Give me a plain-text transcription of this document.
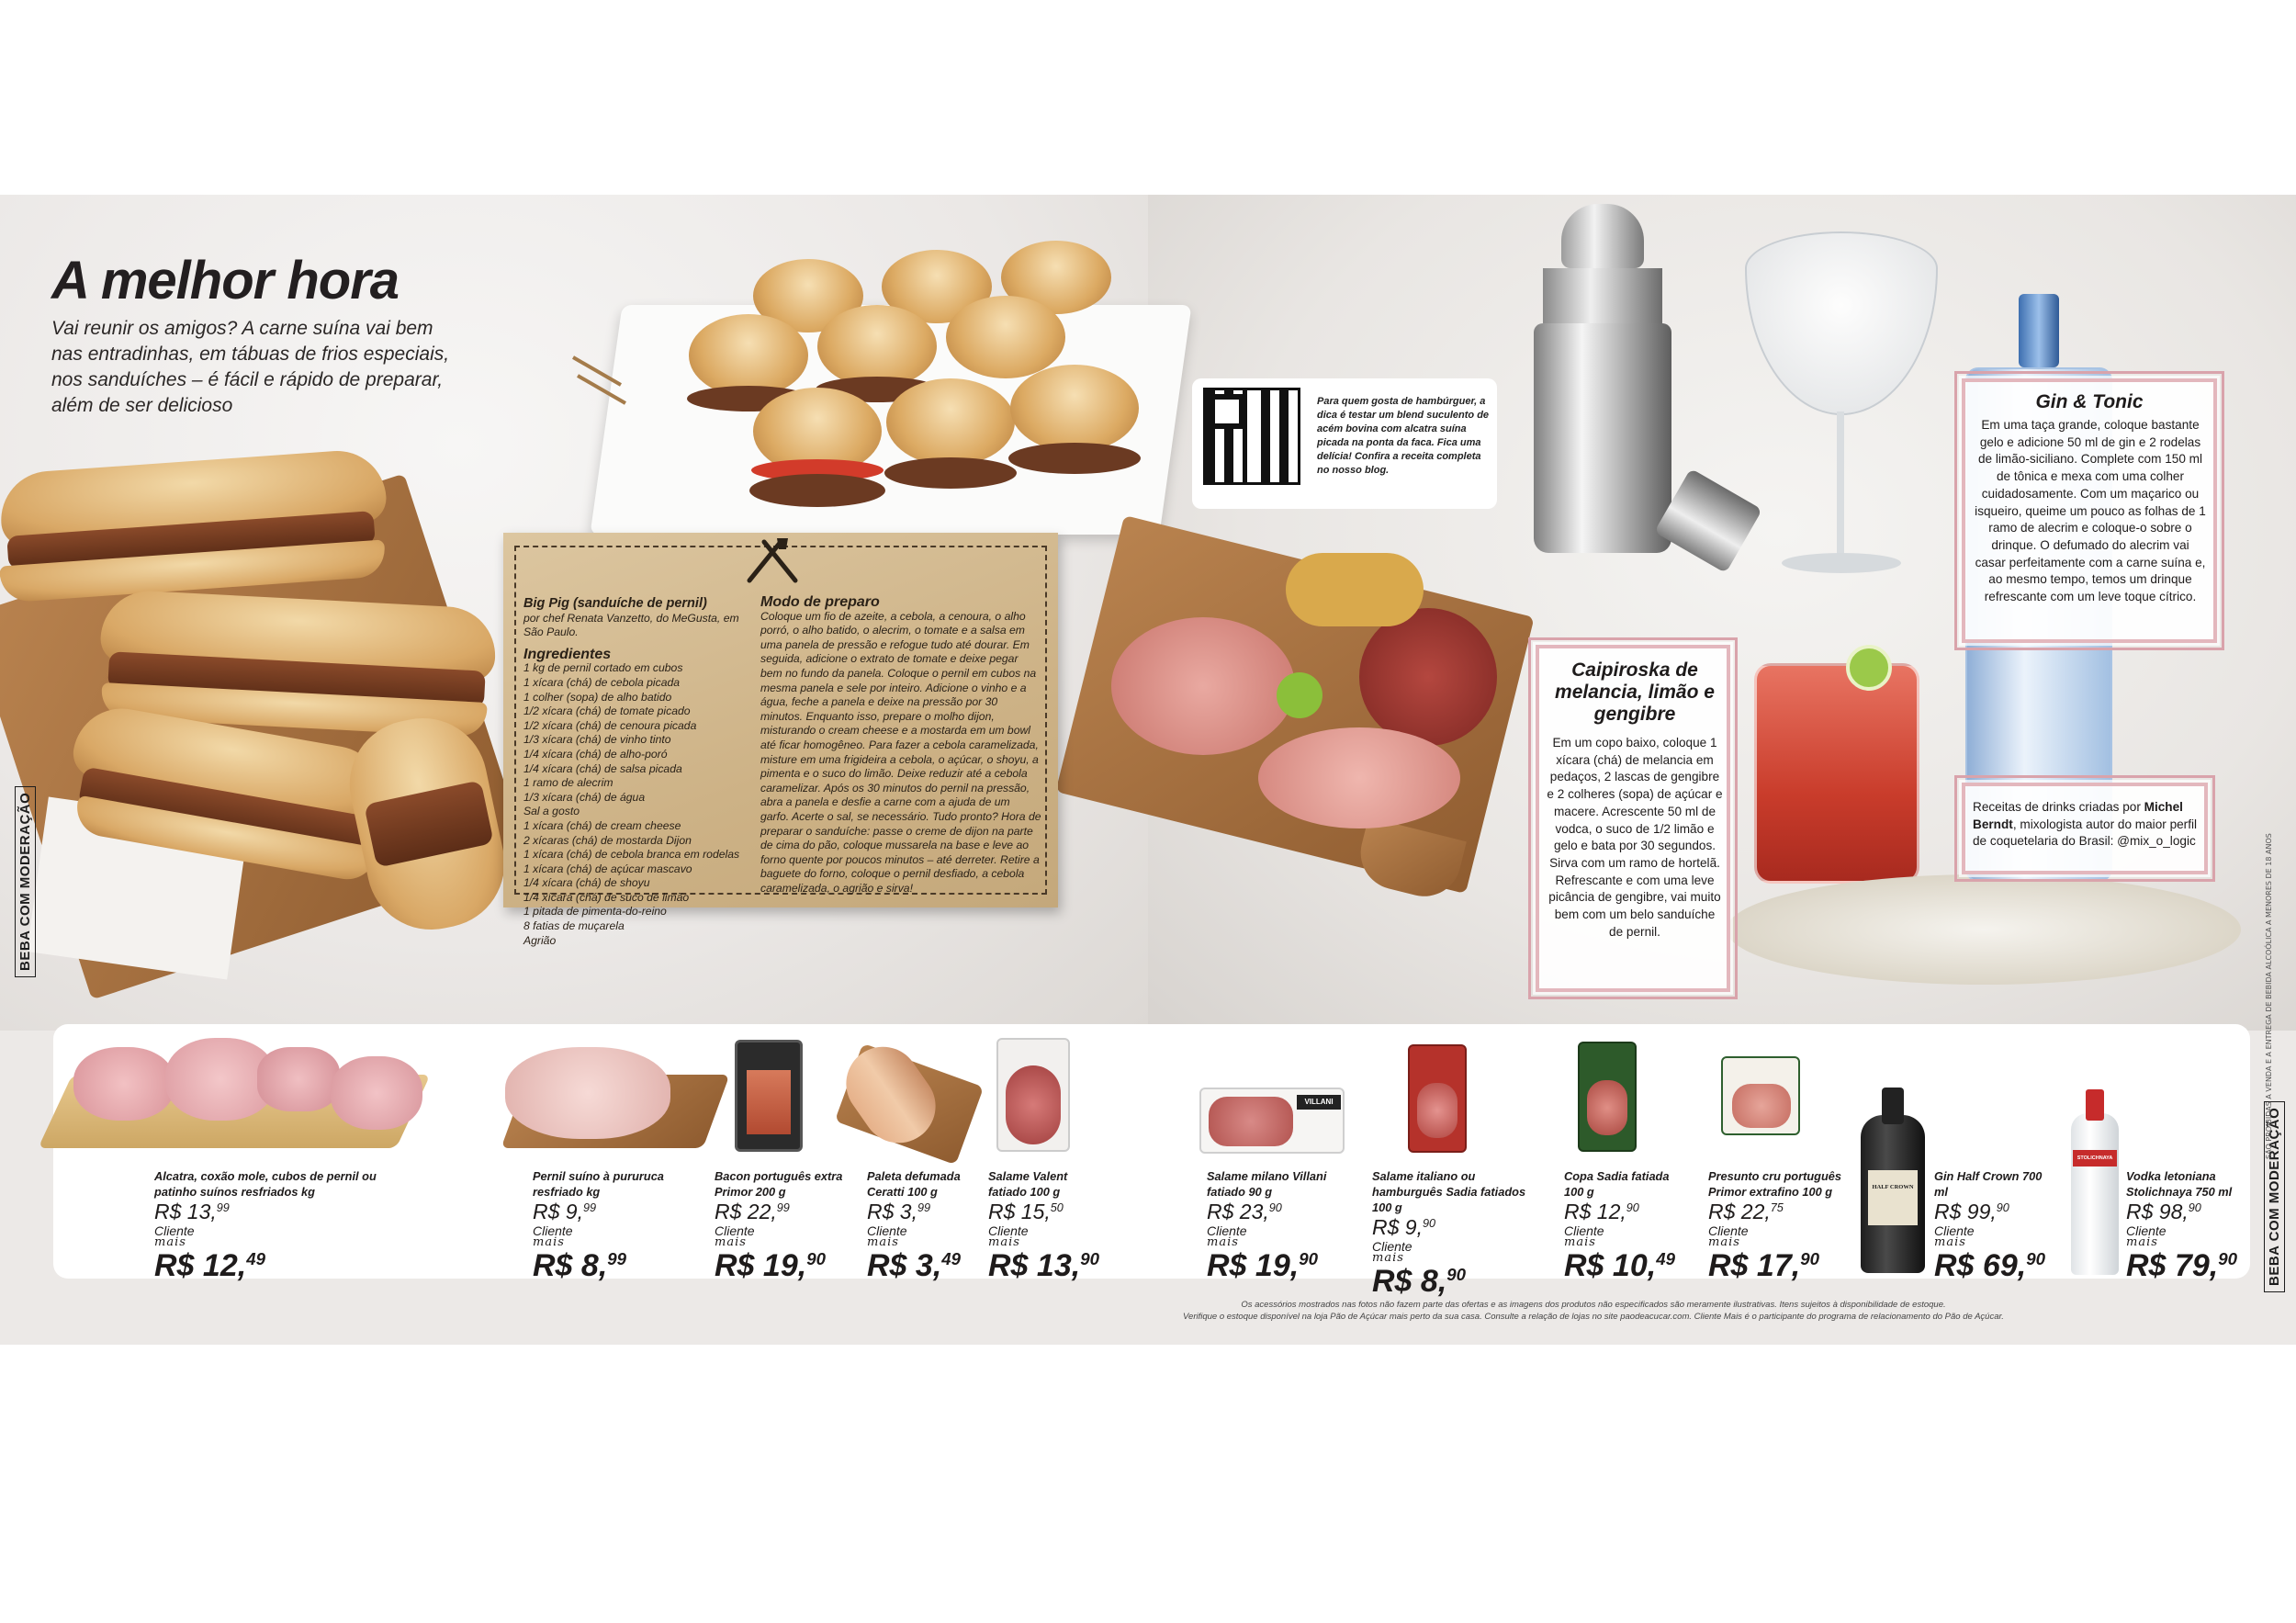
A melhor hora
Vai reunir os amigos? A carne suína vai bem nas entradinhas, em tábuas de frios especiais, nos sanduíches – é fácil e rápido de preparar, além de ser delicioso	Para quem gosta de hambúrguer, a dica é testar um blend suculento de acém bovina com alcatra suína picada na ponta da faca. Fica uma delícia! Confira a receita completa no nosso blog.
Big Pig (sanduíche de pernil)
por chef Renata Vanzetto, do MeGusta, em São Paulo.
Ingredientes
1 kg de pernil cortado em cubos
1 xícara (chá) de cebola picada
1 colher (sopa) de alho batido
1/2 xícara (chá) de tomate picado
1/2 xícara (chá) de cenoura picada
1/3 xícara (chá) de vinho tinto
1/4 xícara (chá) de alho-poró
1/4 xícara (chá) de salsa picada
1 ramo de alecrim
1/3 xícara (chá) de água
Sal a gosto
1 xícara (chá) de cream cheese
2 xícaras (chá) de mostarda Dijon
1 xícara (chá) de cebola branca em rodelas
1 xícara (chá) de açúcar mascavo
1/4 xícara (chá) de shoyu
1/4 xícara (chá) de suco de limão
1 pitada de pimenta-do-reino
8 fatias de muçarela
Agrião
Modo de preparo
Coloque um fio de azeite, a cebola, a cenoura, o alho porró, o alho batido, o alecrim, o tomate e a salsa em uma panela de pressão e refogue tudo até dourar. Em seguida, adicione o extrato de tomate e deixe pegar bem no fundo da panela. Coloque o pernil em cubos na mesma panela e sele por inteiro. Adicione o vinho e a água, feche a panela e deixe na pressão por 30 minutos. Enquanto isso, prepare o molho dijon, misturando o cream cheese e a mostarda em um bowl até ficar homogêneo. Para fazer a cebola caramelizada, misture em uma frigideira a cebola, o açúcar, o shoyu, a pimenta e o suco do limão. Deixe reduzir até a cebola caramelizar. Após os 30 minutos do pernil na pressão, abra a panela e desfie a carne com a ajuda de um garfo. Acerte o sal, se necessário. Tudo pronto? Hora de preparar o sanduíche: passe o creme de dijon na parte de cima do pão, coloque mussarela na base e leve ao forno quente por poucos minutos – até derreter. Retire a baguete do forno, coloque o pernil desfiado, a cebola caramelizada, o agrião e sirva!
Caipiroska de melancia, limão e gengibre
Em um copo baixo, coloque 1 xícara (chá) de melancia em pedaços, 2 lascas de gengibre e 2 colheres (sopa) de açúcar e macere. Acrescente 50 ml de vodca, o suco de 1/2 limão e gelo e bata por 30 segundos. Sirva com um ramo de hortelã. Refrescante e com uma leve picância de gengibre, vai muito bem com um belo sanduíche de pernil.
Gin & Tonic
Em uma taça grande, coloque bastante gelo e adicione 50 ml de gin e 2 rodelas de limão-siciliano. Complete com 150 ml de tônica e mexa com uma colher cuidadosamente. Com um maçarico ou isqueiro, queime um pouco as folhas de 1 ramo de alecrim e coloque-o sobre o drinque. O defumado do alecrim vai casar perfeitamente com a carne suína e, ao mesmo tempo, temos um drinque refrescante com um leve toque cítrico.
Receitas de drinks criadas por Michel Berndt, mixologista autor do maior perfil de coquetelaria do Brasil: @mix_o_logic
BEBA COM MODERAÇÃO
BEBA COM MODERAÇÃO
SÃO PROIBIDAS A VENDA E A ENTREGA DE BEBIDA ALCOÓLICA A MENORES DE 18 ANOS
VILLANI
HALF CROWN
STOLICHNAYA
Alcatra, coxão mole, cubos de pernil ou patinho suínos resfriados kg
R$ 13,99
Cliente
mais
R$ 12,49
Pernil suíno à pururuca resfriado kg
R$ 9,99
Cliente
mais
R$ 8,99
Bacon português extra Primor 200 g
R$ 22,99
Cliente
mais
R$ 19,90
Paleta defumada Ceratti 100 g
R$ 3,99
Cliente
mais
R$ 3,49
Salame Valent fatiado 100 g
R$ 15,50
Cliente
mais
R$ 13,90
Salame milano Villani fatiado 90 g
R$ 23,90
Cliente
mais
R$ 19,90
Salame italiano ou hamburguês Sadia fatiados 100 g
R$ 9,90
Cliente
mais
R$ 8,90
Copa Sadia fatiada 100 g
R$ 12,90
Cliente
mais
R$ 10,49
Presunto cru português Primor extrafino 100 g
R$ 22,75
Cliente
mais
R$ 17,90
Gin Half Crown 700 ml
R$ 99,90
Cliente
mais
R$ 69,90
Vodka letoniana Stolichnaya 750 ml
R$ 98,90
Cliente
mais
R$ 79,90
Os acessórios mostrados nas fotos não fazem parte das ofertas e as imagens dos produtos não especificados são meramente ilustrativas. Itens sujeitos à disponibilidade de estoque.
Verifique o estoque disponível na loja Pão de Açúcar mais perto da sua casa. Consulte a relação de lojas no site paodeacucar.com. Cliente Mais é o participante do programa de relacionamento do Pão de Açúcar.
